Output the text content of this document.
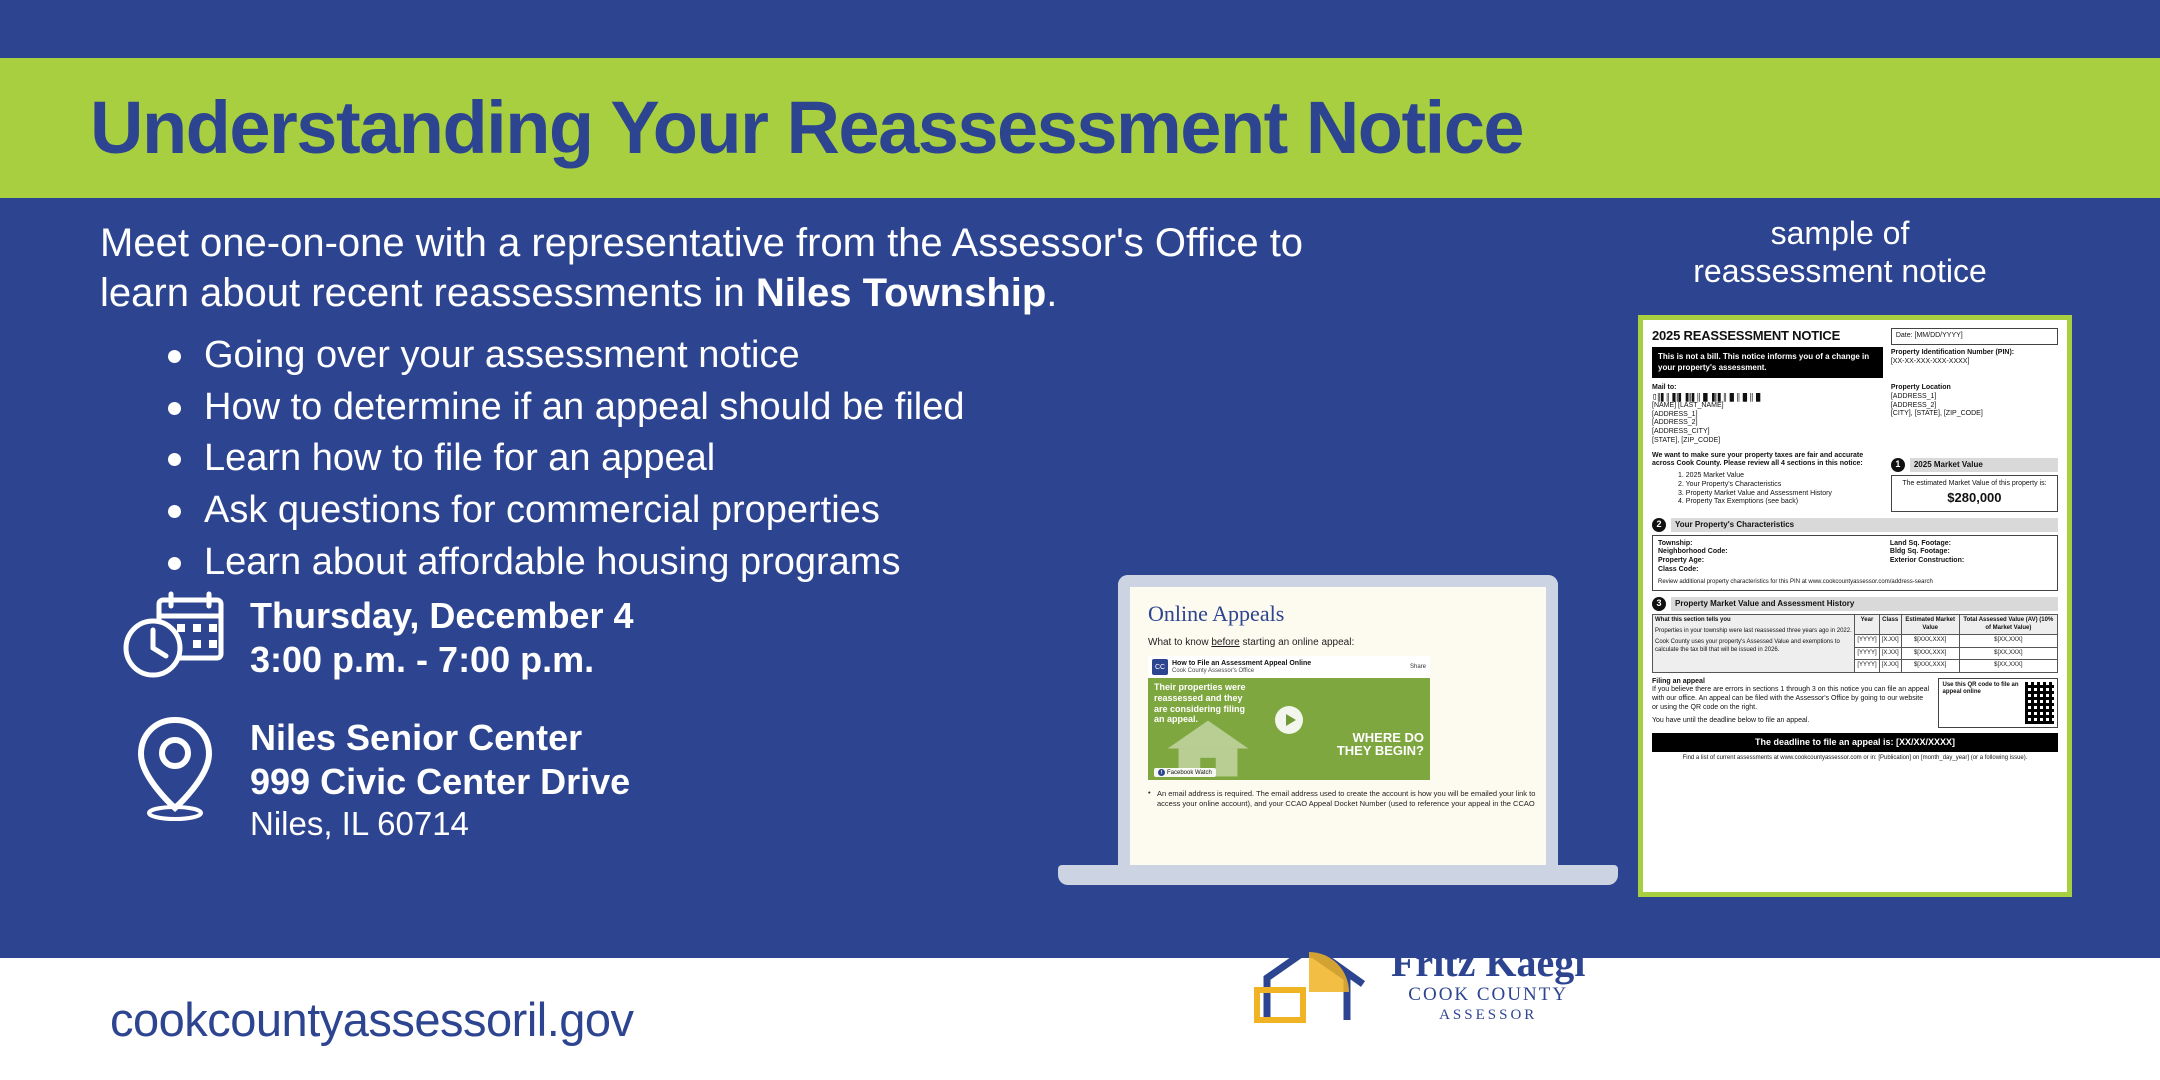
Understanding Your Reassessment Notice
Meet one-on-one with a representative from the Assessor's Office to
learn about recent reassessments in Niles Township.
Going over your assessment notice
How to determine if an appeal should be filed
Learn how to file for an appeal
Ask questions for commercial properties
Learn about affordable housing programs
Thursday, December 4
3:00 p.m. - 7:00 p.m.
Niles Senior Center
999 Civic Center Drive
Niles, IL 60714
sample of
reassessment notice
2025 REASSESSMENT NOTICE
This is not a bill. This notice informs you of a change in your property's assessment.
Date: [MM/DD/YYYY]
Property Identification Number (PIN):
[XX-XX-XXX-XXX-XXXX]
Mail to:
▯║▌║▐║▌▐║▌║▐▌▐║▌║▐▌║▐▌║▐▌
[NAME] [LAST_NAME]
[ADDRESS_1]
[ADDRESS_2]
[ADDRESS_CITY]
[STATE], [ZIP_CODE]
Property Location
[ADDRESS_1]
[ADDRESS_2]
[CITY], [STATE], [ZIP_CODE]
We want to make sure your property taxes are fair and accurate across Cook County. Please review all 4 sections in this notice:
1. 2025 Market Value
2. Your Property's Characteristics
3. Property Market Value and Assessment History
4. Property Tax Exemptions (see back)
1	2025 Market Value
The estimated Market Value of this property is:
$280,000
2	Your Property's Characteristics
Township:	Land Sq. Footage:
Neighborhood Code:	Bldg Sq. Footage:
Property Age:	Exterior Construction:
Class Code:
Review additional property characteristics for this PIN at www.cookcountyassessor.com/address-search
3	Property Market Value and Assessment History
What this section tells you
Properties in your township were last reassessed three years ago in 2022.
Cook County uses your property's Assessed Value and exemptions to calculate the tax bill that will be issued in 2026.	Year	Class	Estimated Market Value	Total Assessed Value (AV) (10% of Market Value)
	[YYYY]	[X.XX]	$[XXX,XXX]	$[XX,XXX]
	[YYYY]	[X.XX]	$[XXX,XXX]	$[XX,XXX]
	[YYYY]	[X.XX]	$[XXX,XXX]	$[XX,XXX]
Filing an appeal
If you believe there are errors in sections 1 through 3 on this notice you can file an appeal with our office. An appeal can be filed with the Assessor's Office by going to our website or using the QR code on the right.
You have until the deadline below to file an appeal.
Use this QR code to file an appeal online
The deadline to file an appeal is: [XX/XX/XXXX]
Find a list of current assessments at www.cookcountyassessor.com or in: [Publication] on [month_day_year] (or a following issue).
Online Appeals
What to know before starting an online appeal:
CC
How to File an Assessment Appeal Online
Cook County Assessor's Office
Share
Their properties were
reassessed and they
are considering filing
an appeal.
WHERE DO
THEY BEGIN?
f Facebook Watch
• An email address is required. The email address used to create the account is how you will be emailed your link to access your online account), and your CCAO Appeal Docket Number (used to reference your appeal in the CCAO
cookcountyassessoril.gov
Fritz Kaegi
COOK COUNTY
ASSESSOR
